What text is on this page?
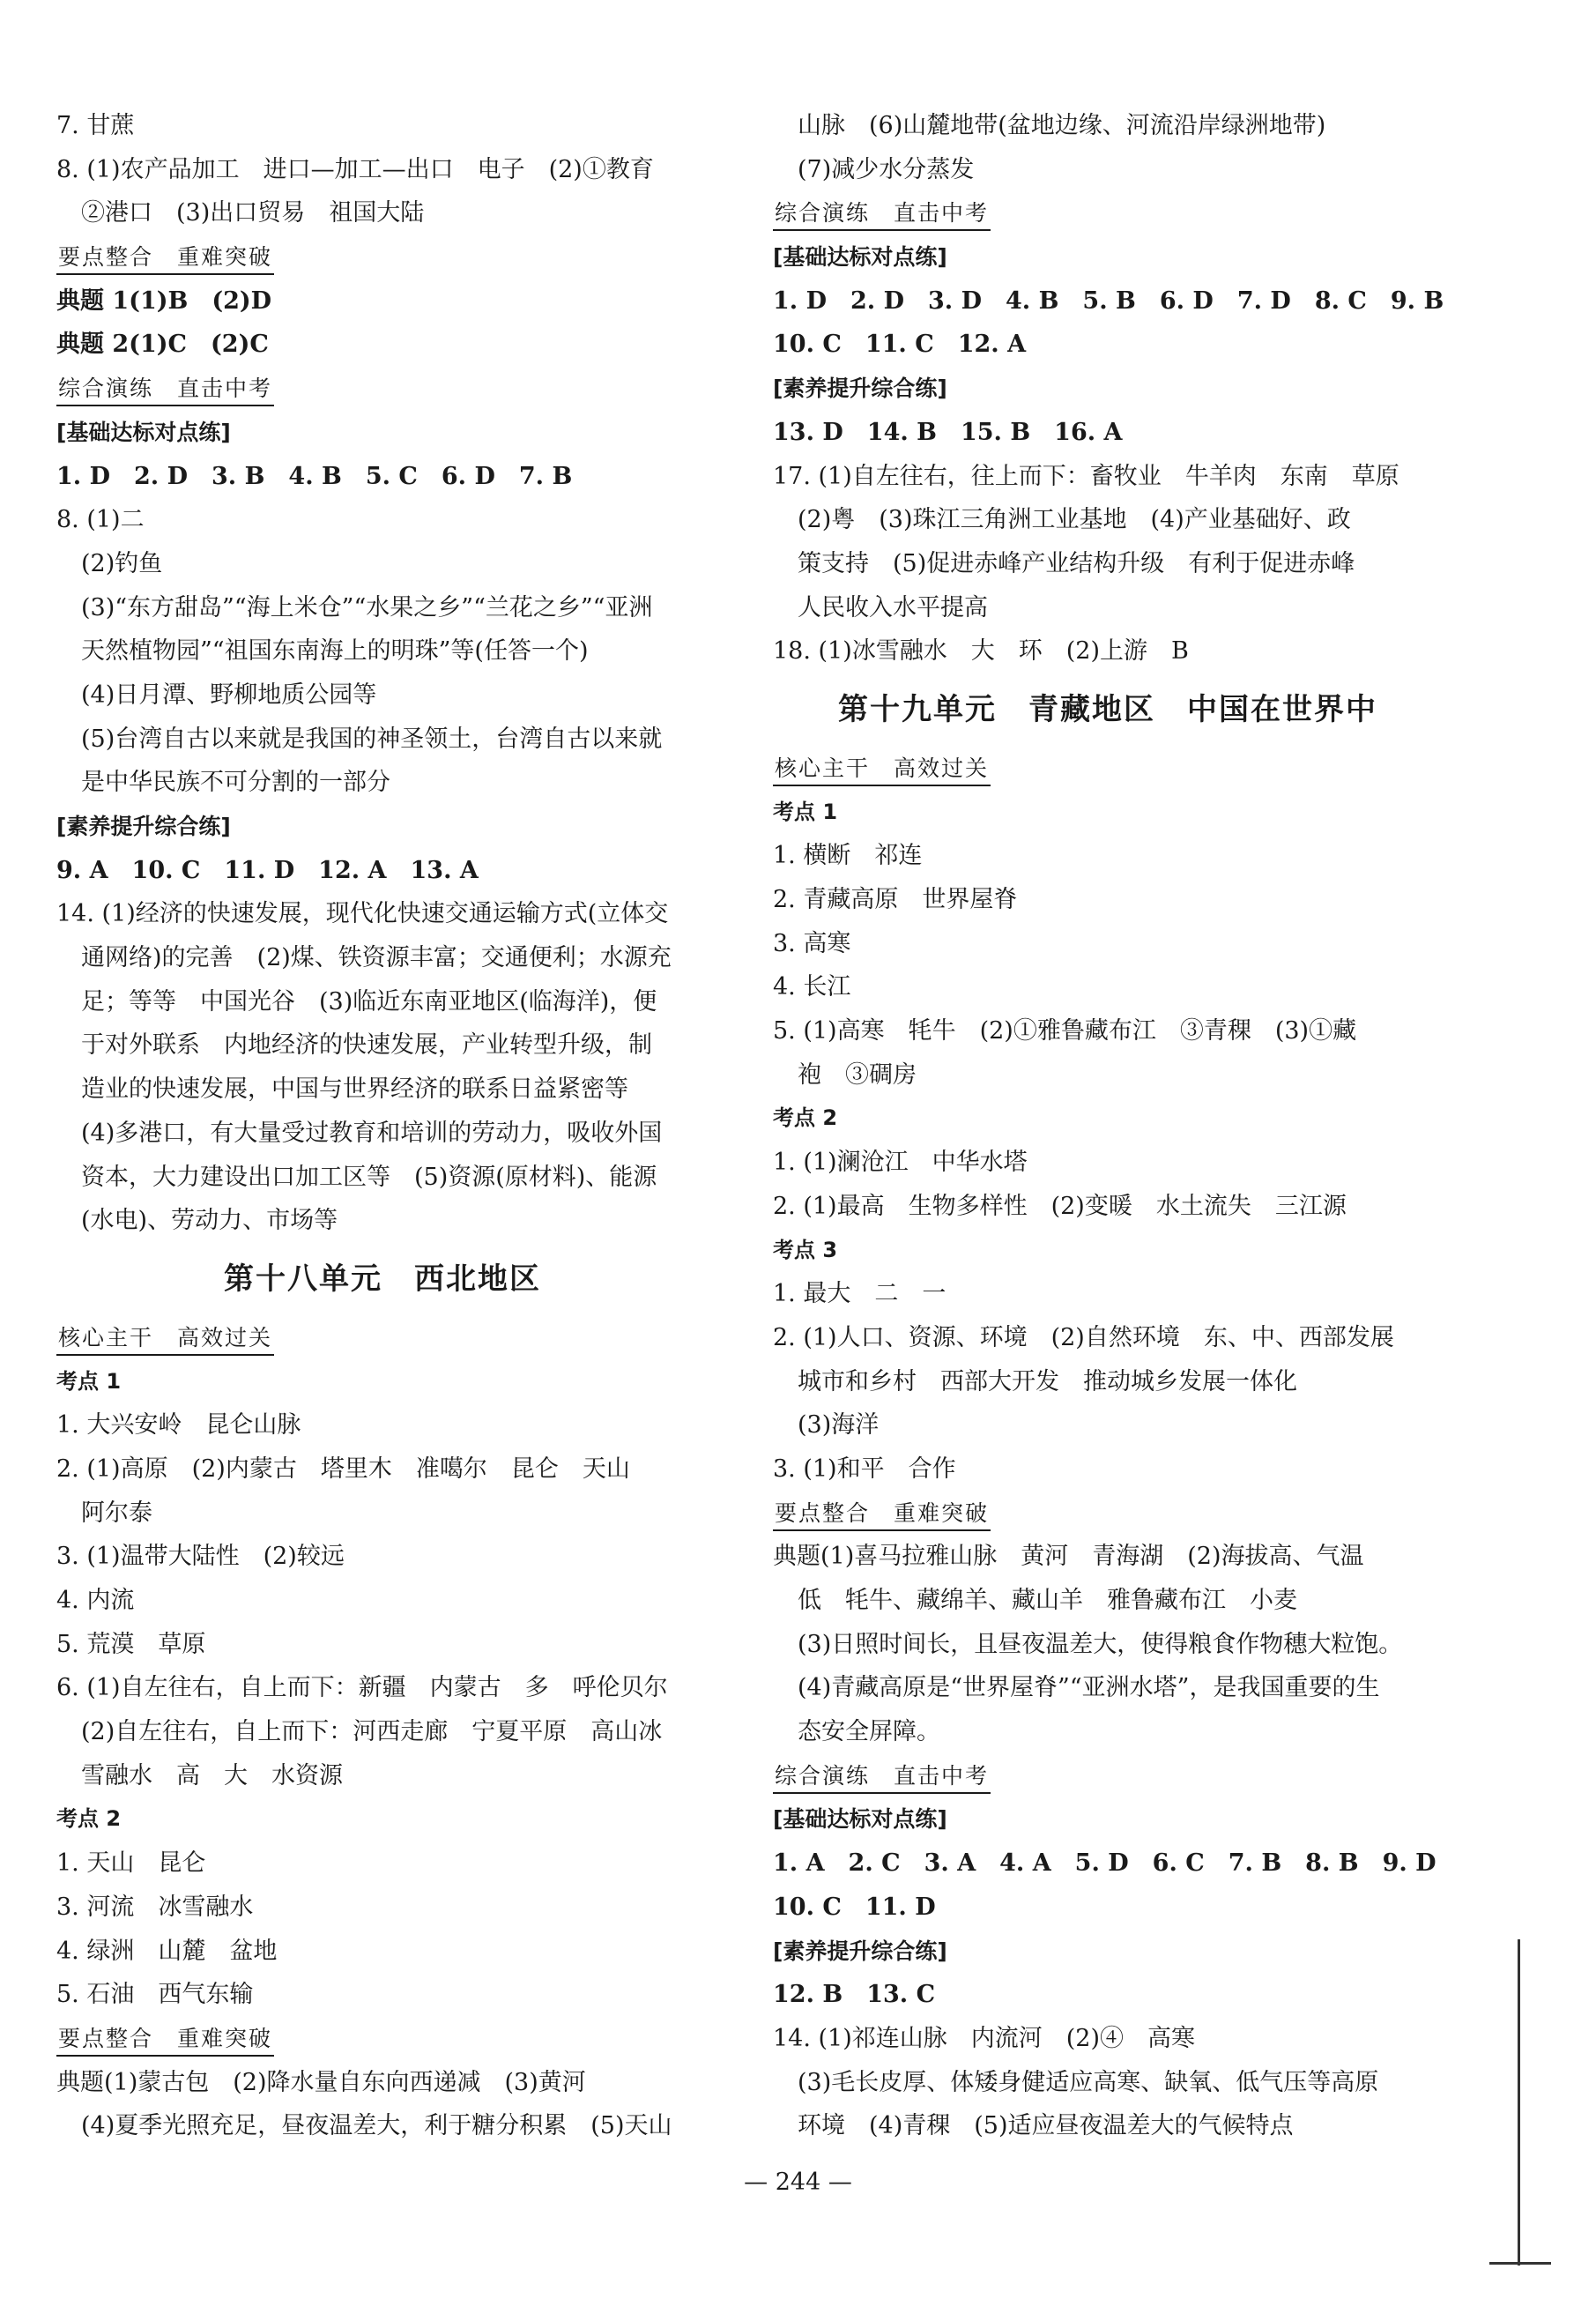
7. 甘蔗
8. (1)农产品加工　进口—加工—出口　电子　(2)①教育
②港口　(3)出口贸易　祖国大陆
要点整合　重难突破
典题 1(1)B　(2)D
典题 2(1)C　(2)C
综合演练　直击中考
[基础达标对点练]
1. D　2. D　3. B　4. B　5. C　6. D　7. B
8. (1)二
(2)钓鱼
(3)“东方甜岛”“海上米仓”“水果之乡”“兰花之乡”“亚洲
天然植物园”“祖国东南海上的明珠”等(任答一个)
(4)日月潭、野柳地质公园等
(5)台湾自古以来就是我国的神圣领土，台湾自古以来就
是中华民族不可分割的一部分
[素养提升综合练]
9. A　10. C　11. D　12. A　13. A
14. (1)经济的快速发展，现代化快速交通运输方式(立体交
通网络)的完善　(2)煤、铁资源丰富；交通便利；水源充
足；等等　中国光谷　(3)临近东南亚地区(临海洋)，便
于对外联系　内地经济的快速发展，产业转型升级，制
造业的快速发展，中国与世界经济的联系日益紧密等
(4)多港口，有大量受过教育和培训的劳动力，吸收外国
资本，大力建设出口加工区等　(5)资源(原材料)、能源
(水电)、劳动力、市场等
第十八单元　西北地区
核心主干　高效过关
考点 1
1. 大兴安岭　昆仑山脉
2. (1)高原　(2)内蒙古　塔里木　准噶尔　昆仑　天山
阿尔泰
3. (1)温带大陆性　(2)较远
4. 内流
5. 荒漠　草原
6. (1)自左往右，自上而下：新疆　内蒙古　多　呼伦贝尔
(2)自左往右，自上而下：河西走廊　宁夏平原　高山冰
雪融水　高　大　水资源
考点 2
1. 天山　昆仑
3. 河流　冰雪融水
4. 绿洲　山麓　盆地
5. 石油　西气东输
要点整合　重难突破
典题(1)蒙古包　(2)降水量自东向西递减　(3)黄河
(4)夏季光照充足，昼夜温差大，利于糖分积累　(5)天山
山脉　(6)山麓地带(盆地边缘、河流沿岸绿洲地带)
(7)减少水分蒸发
综合演练　直击中考
[基础达标对点练]
1. D　2. D　3. D　4. B　5. B　6. D　7. D　8. C　9. B
10. C　11. C　12. A
[素养提升综合练]
13. D　14. B　15. B　16. A
17. (1)自左往右，往上而下：畜牧业　牛羊肉　东南　草原
(2)粤　(3)珠江三角洲工业基地　(4)产业基础好、政
策支持　(5)促进赤峰产业结构升级　有利于促进赤峰
人民收入水平提高
18. (1)冰雪融水　大　环　(2)上游　B
第十九单元　青藏地区　中国在世界中
核心主干　高效过关
考点 1
1. 横断　祁连
2. 青藏高原　世界屋脊
3. 高寒
4. 长江
5. (1)高寒　牦牛　(2)①雅鲁藏布江　③青稞　(3)①藏
袍　③碉房
考点 2
1. (1)澜沧江　中华水塔
2. (1)最高　生物多样性　(2)变暖　水土流失　三江源
考点 3
1. 最大　二　一
2. (1)人口、资源、环境　(2)自然环境　东、中、西部发展
城市和乡村　西部大开发　推动城乡发展一体化
(3)海洋
3. (1)和平　合作
要点整合　重难突破
典题(1)喜马拉雅山脉　黄河　青海湖　(2)海拔高、气温
低　牦牛、藏绵羊、藏山羊　雅鲁藏布江　小麦
(3)日照时间长，且昼夜温差大，使得粮食作物穗大粒饱。
(4)青藏高原是“世界屋脊”“亚洲水塔”，是我国重要的生
态安全屏障。
综合演练　直击中考
[基础达标对点练]
1. A　2. C　3. A　4. A　5. D　6. C　7. B　8. B　9. D
10. C　11. D
[素养提升综合练]
12. B　13. C
14. (1)祁连山脉　内流河　(2)④　高寒
(3)毛长皮厚、体矮身健适应高寒、缺氧、低气压等高原
环境　(4)青稞　(5)适应昼夜温差大的气候特点
— 244 —
